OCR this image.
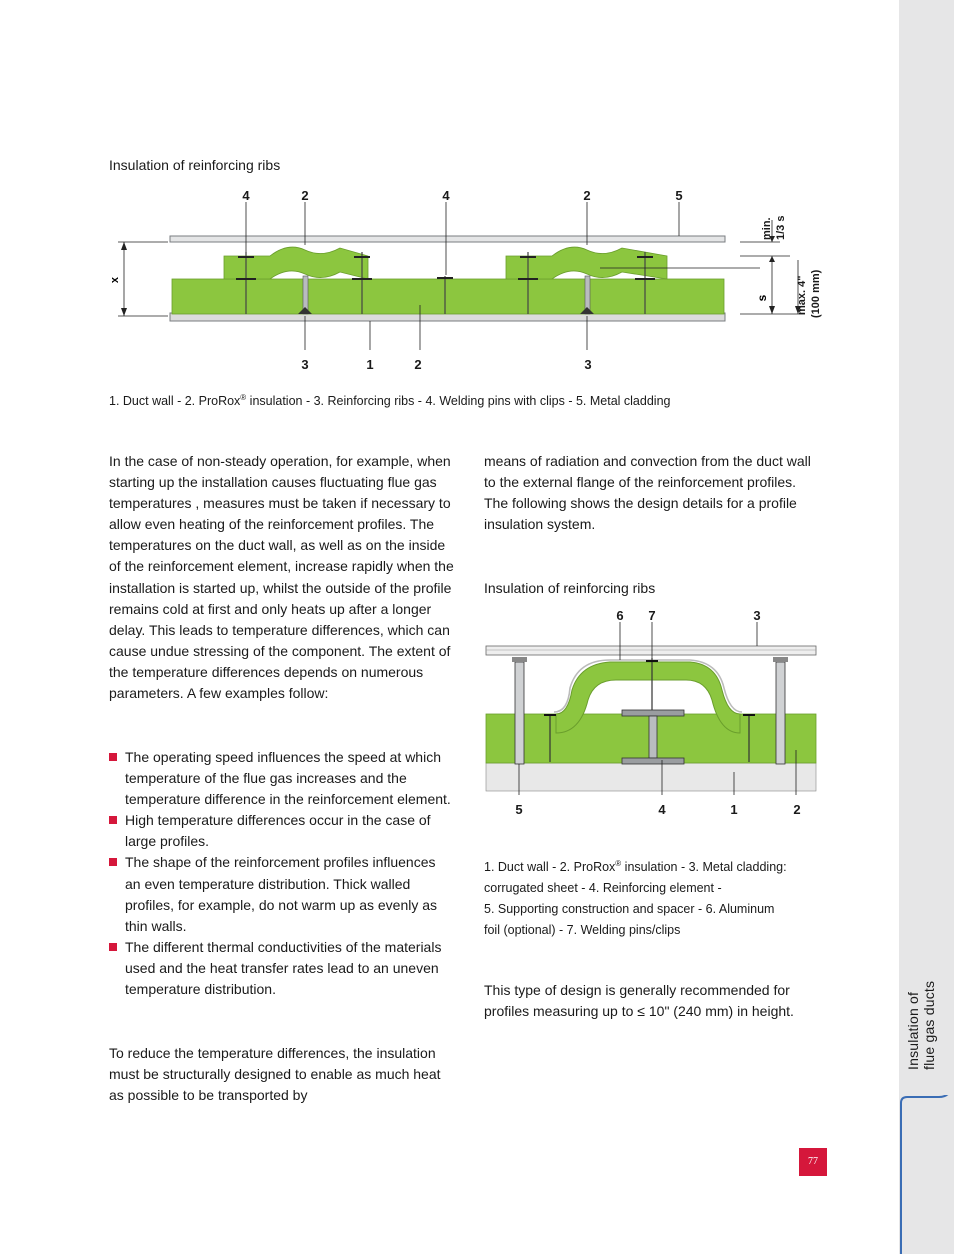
Insulation of flue gas ducts
Insulation of reinforcing ribs
4	2	4	2	5
3	1	2	3
x
s
min. 1/3 s
max. 4" (100 mm)
1. Duct wall - 2. ProRox® insulation - 3. Reinforcing ribs - 4. Welding pins with clips - 5. Metal cladding

In the case of non-steady operation, for example, when starting up the installation causes fluctuating flue gas temperatures , measures must be taken if necessary to allow even heating of the reinforcement profiles. The temperatures on the duct wall, as well as on the inside of the reinforcement element, increase rapidly when the installation is started up, whilst the outside of the profile remains cold at first and only heats up after a longer delay. This leads to temperature differences, which can cause undue stressing of the component. The extent of the temperature differences depends on numerous parameters. A few examples follow:

The operating speed influences the speed at which temperature of the flue gas increases and the temperature difference in the reinforcement element.
High temperature differences occur in the case of large profiles.
The shape of the reinforcement profiles influences an even temperature distribution. Thick walled profiles, for example, do not warm up as evenly as thin walls.
The different thermal conductivities of the materials used and the heat transfer rates lead to an uneven temperature distribution.

To reduce the temperature differences, the insulation must be structurally designed to enable as much heat as possible to be transported by

means of radiation and convection from the duct wall to the external flange of the reinforcement profiles. The following shows the design details for a profile insulation system.

Insulation of reinforcing ribs
6 7	3
5	4	1	2
1. Duct wall - 2. ProRox® insulation - 3. Metal cladding:
corrugated sheet - 4. Reinforcing element -
5. Supporting construction and spacer - 6. Aluminum
foil (optional) - 7. Welding pins/clips

This type of design is generally recommended for profiles measuring up to ≤ 10" (240 mm) in height.

77
